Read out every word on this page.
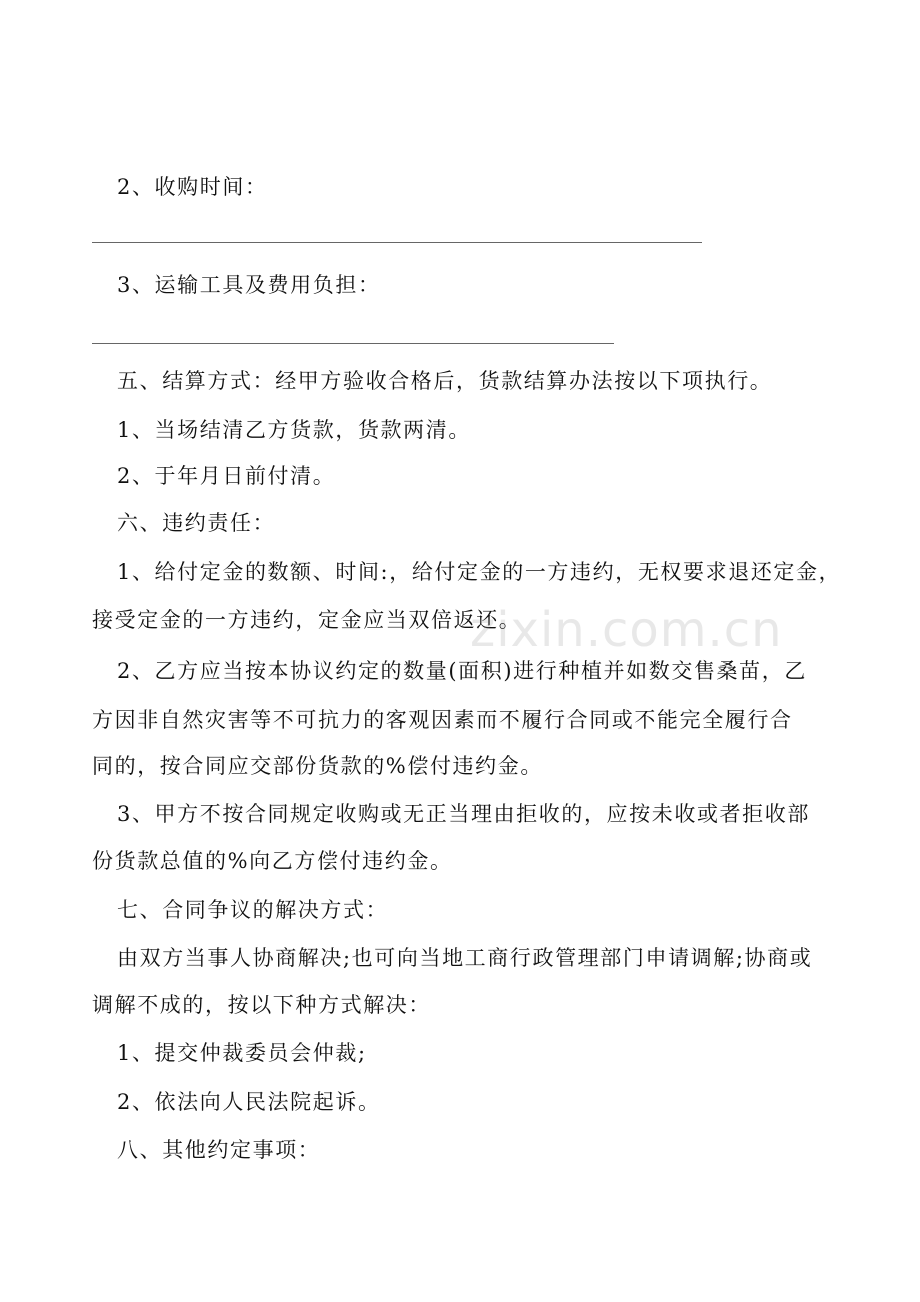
2、收购时间：
3、运输工具及费用负担：
五、结算方式：经甲方验收合格后，货款结算办法按以下项执行。
1、当场结清乙方货款，货款两清。
2、于年月日前付清。
六、违约责任：
1、给付定金的数额、时间:，给付定金的一方违约，无权要求退还定金，
接受定金的一方违约，定金应当双倍返还。
2、乙方应当按本协议约定的数量(面积)进行种植并如数交售桑苗，乙
方因非自然灾害等不可抗力的客观因素而不履行合同或不能完全履行合
同的，按合同应交部份货款的%偿付违约金。
3、甲方不按合同规定收购或无正当理由拒收的，应按未收或者拒收部
份货款总值的%向乙方偿付违约金。
七、合同争议的解决方式：
由双方当事人协商解决;也可向当地工商行政管理部门申请调解;协商或
调解不成的，按以下种方式解决：
1、提交仲裁委员会仲裁;
2、依法向人民法院起诉。
八、其他约定事项：
zixin.com.cn
